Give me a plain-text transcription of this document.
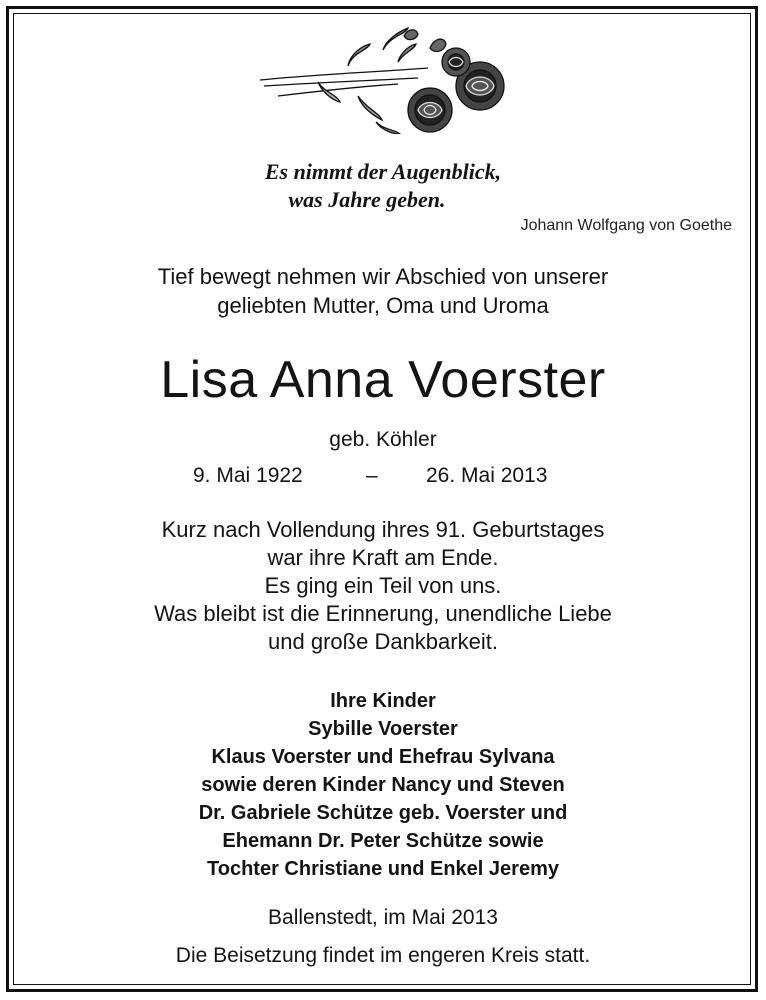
Es nimmt der Augenblick,
was Jahre geben.
Johann Wolfgang von Goethe
Tief bewegt nehmen wir Abschied von unserer
geliebten Mutter, Oma und Uroma
Lisa Anna Voerster
geb. Köhler
9. Mai 1922	– 26. Mai 2013
Kurz nach Vollendung ihres 91. Geburtstages
war ihre Kraft am Ende.
Es ging ein Teil von uns.
Was bleibt ist die Erinnerung, unendliche Liebe
und große Dankbarkeit.
Ihre Kinder
Sybille Voerster
Klaus Voerster und Ehefrau Sylvana
sowie deren Kinder Nancy und Steven
Dr. Gabriele Schütze geb. Voerster und
Ehemann Dr. Peter Schütze sowie
Tochter Christiane und Enkel Jeremy
Ballenstedt, im Mai 2013
Die Beisetzung findet im engeren Kreis statt.
